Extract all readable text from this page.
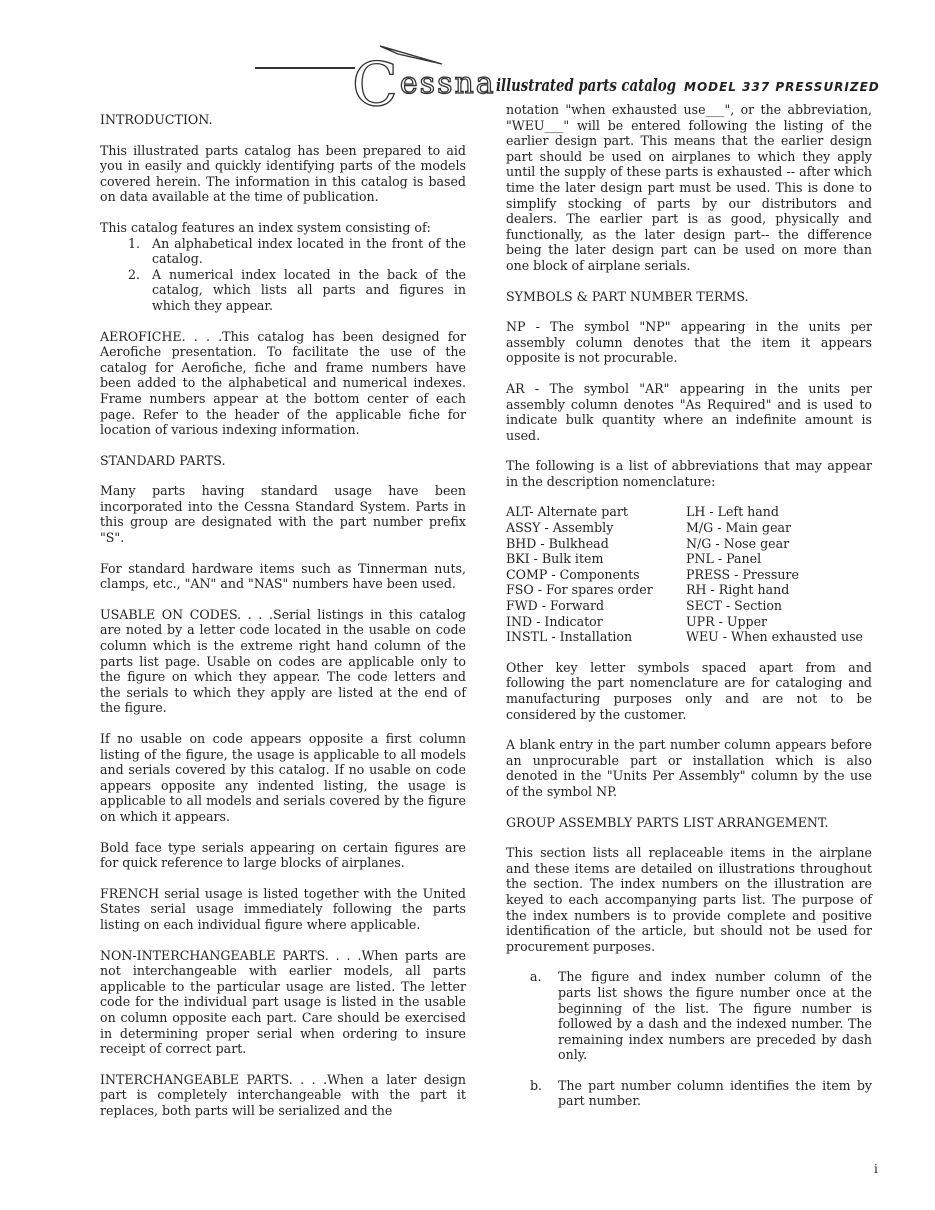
Cessna illustrated parts catalog MODEL 337 PRESSURIZED
INTRODUCTION.

This illustrated parts catalog has been prepared to aid you in easily and quickly identifying parts of the models covered herein. The information in this catalog is based on data available at the time of publication.

This catalog features an index system consisting of:

1. An alphabetical index located in the front of the catalog.
2. A numerical index located in the back of the catalog, which lists all parts and figures in which they appear.

AEROFICHE. . . .This catalog has been designed for Aerofiche presentation. To facilitate the use of the catalog for Aerofiche, fiche and frame numbers have been added to the alphabetical and numerical indexes. Frame numbers appear at the bottom center of each page. Refer to the header of the applicable fiche for location of various indexing information.

STANDARD PARTS.

Many parts having standard usage have been incorporated into the Cessna Standard System. Parts in this group are designated with the part number prefix "S".

For standard hardware items such as Tinnerman nuts, clamps, etc., "AN" and "NAS" numbers have been used.

USABLE ON CODES. . . .Serial listings in this catalog are noted by a letter code located in the usable on code column which is the extreme right hand column of the parts list page. Usable on codes are applicable only to the figure on which they appear. The code letters and the serials to which they apply are listed at the end of the figure.

If no usable on code appears opposite a first column listing of the figure, the usage is applicable to all models and serials covered by this catalog. If no usable on code appears opposite any indented listing, the usage is applicable to all models and serials covered by the figure on which it appears.

Bold face type serials appearing on certain figures are for quick reference to large blocks of airplanes.

FRENCH serial usage is listed together with the United States serial usage immediately following the parts listing on each individual figure where applicable.

NON-INTERCHANGEABLE PARTS. . . .When parts are not interchangeable with earlier models, all parts applicable to the particular usage are listed. The letter code for the individual part usage is listed in the usable on column opposite each part. Care should be exercised in determining proper serial when ordering to insure receipt of correct part.

INTERCHANGEABLE PARTS. . . .When a later design part is completely interchangeable with the part it replaces, both parts will be serialized and the

notation "when exhausted use___", or the abbreviation, "WEU___" will be entered following the listing of the earlier design part. This means that the earlier design part should be used on airplanes to which they apply until the supply of these parts is exhausted -- after which time the later design part must be used. This is done to simplify stocking of parts by our distributors and dealers. The earlier part is as good, physically and functionally, as the later design part-- the difference being the later design part can be used on more than one block of airplane serials.

SYMBOLS & PART NUMBER TERMS.

NP - The symbol "NP" appearing in the units per assembly column denotes that the item it appears opposite is not procurable.

AR - The symbol "AR" appearing in the units per assembly column denotes "As Required" and is used to indicate bulk quantity where an indefinite amount is used.

The following is a list of abbreviations that may appear in the description nomenclature:

ALT- Alternate part	LH - Left hand
ASSY - Assembly	M/G - Main gear
BHD - Bulkhead	N/G - Nose gear
BKI - Bulk item	PNL - Panel
COMP - Components	PRESS - Pressure
FSO - For spares order	RH - Right hand
FWD - Forward	SECT - Section
IND - Indicator	UPR - Upper
INSTL - Installation	WEU - When exhausted use

Other key letter symbols spaced apart from and following the part nomenclature are for cataloging and manufacturing purposes only and are not to be considered by the customer.

A blank entry in the part number column appears before an unprocurable part or installation which is also denoted in the "Units Per Assembly" column by the use of the symbol NP.

GROUP ASSEMBLY PARTS LIST ARRANGEMENT.

This section lists all replaceable items in the airplane and these items are detailed on illustrations throughout the section. The index numbers on the illustration are keyed to each accompanying parts list. The purpose of the index numbers is to provide complete and positive identification of the article, but should not be used for procurement purposes.

a. The figure and index number column of the parts list shows the figure number once at the beginning of the list. The figure number is followed by a dash and the indexed number. The remaining index numbers are preceded by dash only.
b. The part number column identifies the item by part number.
i
